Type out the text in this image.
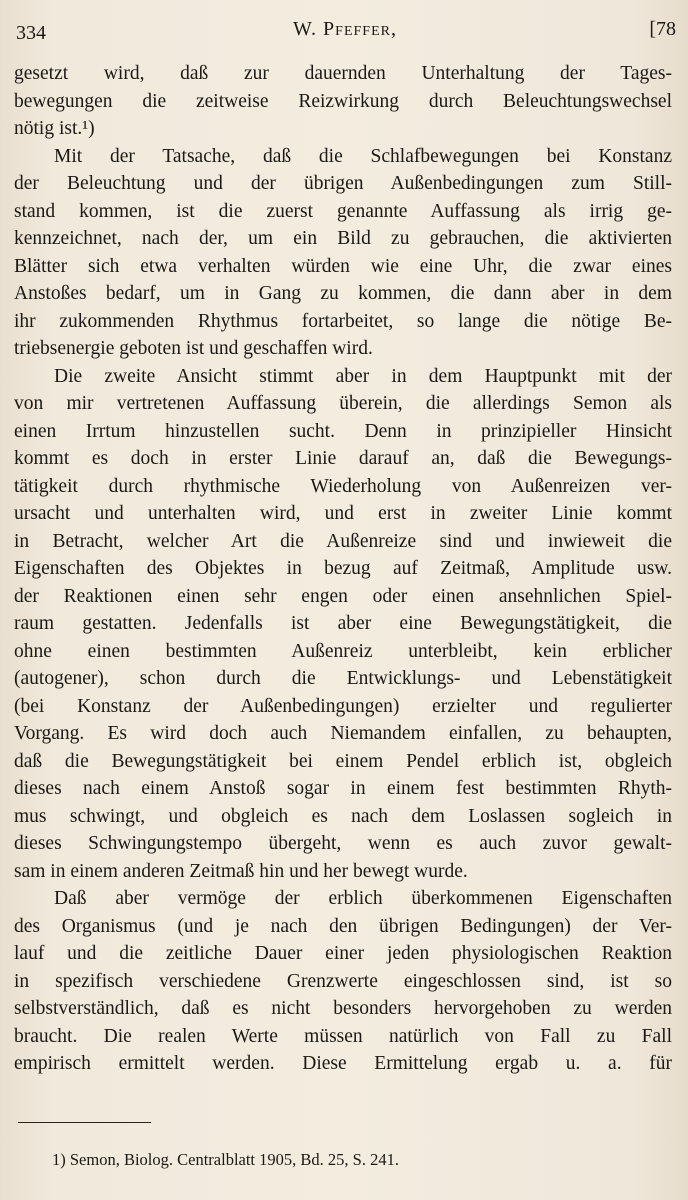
334	W. Pfeffer,	[78
gesetzt wird, daß zur dauernden Unterhaltung der Tages-
bewegungen die zeitweise Reizwirkung durch Beleuchtungswechsel
nötig ist.¹)
Mit der Tatsache, daß die Schlafbewegungen bei Konstanz
der Beleuchtung und der übrigen Außenbedingungen zum Still-
stand kommen, ist die zuerst genannte Auffassung als irrig ge-
kennzeichnet, nach der, um ein Bild zu gebrauchen, die aktivierten
Blätter sich etwa verhalten würden wie eine Uhr, die zwar eines
Anstoßes bedarf, um in Gang zu kommen, die dann aber in dem
ihr zukommenden Rhythmus fortarbeitet, so lange die nötige Be-
triebsenergie geboten ist und geschaffen wird.
Die zweite Ansicht stimmt aber in dem Hauptpunkt mit der
von mir vertretenen Auffassung überein, die allerdings Semon als
einen Irrtum hinzustellen sucht. Denn in prinzipieller Hinsicht
kommt es doch in erster Linie darauf an, daß die Bewegungs-
tätigkeit durch rhythmische Wiederholung von Außenreizen ver-
ursacht und unterhalten wird, und erst in zweiter Linie kommt
in Betracht, welcher Art die Außenreize sind und inwieweit die
Eigenschaften des Objektes in bezug auf Zeitmaß, Amplitude usw.
der Reaktionen einen sehr engen oder einen ansehnlichen Spiel-
raum gestatten. Jedenfalls ist aber eine Bewegungstätigkeit, die
ohne einen bestimmten Außenreiz unterbleibt, kein erblicher
(autogener), schon durch die Entwicklungs- und Lebenstätigkeit
(bei Konstanz der Außenbedingungen) erzielter und regulierter
Vorgang. Es wird doch auch Niemandem einfallen, zu behaupten,
daß die Bewegungstätigkeit bei einem Pendel erblich ist, obgleich
dieses nach einem Anstoß sogar in einem fest bestimmten Rhyth-
mus schwingt, und obgleich es nach dem Loslassen sogleich in
dieses Schwingungstempo übergeht, wenn es auch zuvor gewalt-
sam in einem anderen Zeitmaß hin und her bewegt wurde.
Daß aber vermöge der erblich überkommenen Eigenschaften
des Organismus (und je nach den übrigen Bedingungen) der Ver-
lauf und die zeitliche Dauer einer jeden physiologischen Reaktion
in spezifisch verschiedene Grenzwerte eingeschlossen sind, ist so
selbstverständlich, daß es nicht besonders hervorgehoben zu werden
braucht. Die realen Werte müssen natürlich von Fall zu Fall
empirisch ermittelt werden. Diese Ermittelung ergab u. a. für
1) Semon, Biolog. Centralblatt 1905, Bd. 25, S. 241.
